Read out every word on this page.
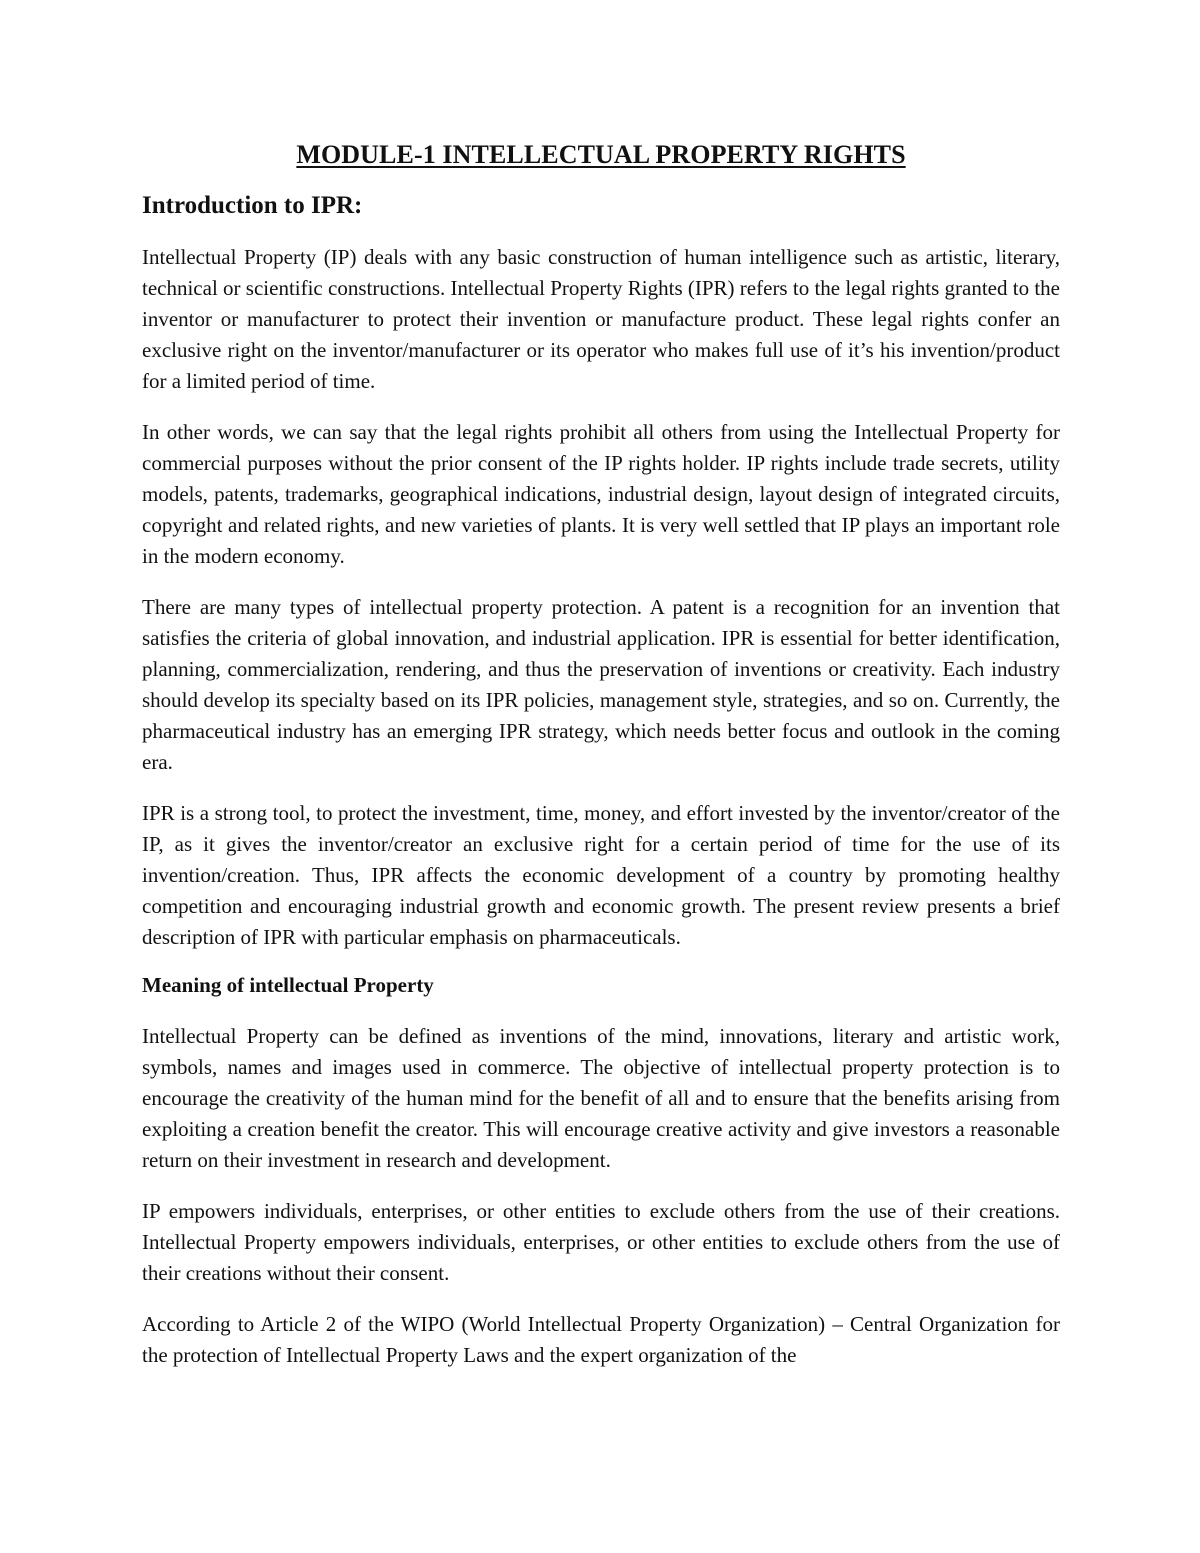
MODULE-1 INTELLECTUAL PROPERTY RIGHTS
Introduction to IPR:

Intellectual Property (IP) deals with any basic construction of human intelligence such as artistic, literary, technical or scientific constructions. Intellectual Property Rights (IPR) refers to the legal rights granted to the inventor or manufacturer to protect their invention or manufacture product. These legal rights confer an exclusive right on the inventor/manufacturer or its operator who makes full use of it’s his invention/product for a limited period of time.

In other words, we can say that the legal rights prohibit all others from using the Intellectual Property for commercial purposes without the prior consent of the IP rights holder. IP rights include trade secrets, utility models, patents, trademarks, geographical indications, industrial design, layout design of integrated circuits, copyright and related rights, and new varieties of plants. It is very well settled that IP plays an important role in the modern economy.

There are many types of intellectual property protection. A patent is a recognition for an invention that satisfies the criteria of global innovation, and industrial application. IPR is essential for better identification, planning, commercialization, rendering, and thus the preservation of inventions or creativity. Each industry should develop its specialty based on its IPR policies, management style, strategies, and so on. Currently, the pharmaceutical industry has an emerging IPR strategy, which needs better focus and outlook in the coming era.

IPR is a strong tool, to protect the investment, time, money, and effort invested by the inventor/creator of the IP, as it gives the inventor/creator an exclusive right for a certain period of time for the use of its invention/creation. Thus, IPR affects the economic development of a country by promoting healthy competition and encouraging industrial growth and economic growth. The present review presents a brief description of IPR with particular emphasis on pharmaceuticals.

Meaning of intellectual Property

Intellectual Property can be defined as inventions of the mind, innovations, literary and artistic work, symbols, names and images used in commerce. The objective of intellectual property protection is to encourage the creativity of the human mind for the benefit of all and to ensure that the benefits arising from exploiting a creation benefit the creator. This will encourage creative activity and give investors a reasonable return on their investment in research and development.

IP empowers individuals, enterprises, or other entities to exclude others from the use of their creations. Intellectual Property empowers individuals, enterprises, or other entities to exclude others from the use of their creations without their consent.

According to Article 2 of the WIPO (World Intellectual Property Organization) – Central Organization for the protection of Intellectual Property Laws and the expert organization of the
